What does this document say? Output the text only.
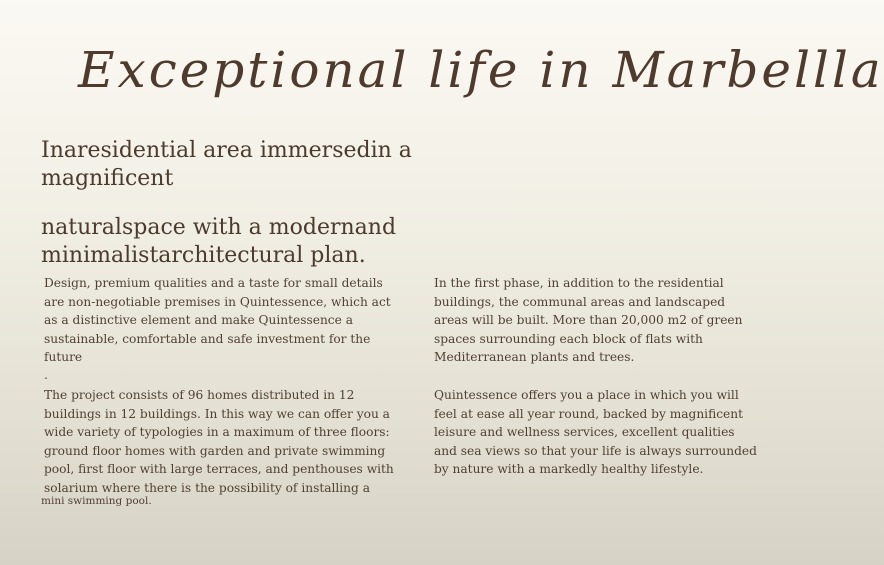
Exceptional life in Marbellla
Inaresidential area immersedin a magnificent
naturalspace with a modernand minimalistarchitectural plan.

Design, premium qualities and a taste for small details are non-negotiable premises in Quintessence, which act as a distinctive element and make Quintessence a sustainable, comfortable and safe investment for the future

.

The project consists of 96 homes distributed in 12 buildings in 12 buildings. In this way we can offer you a wide variety of typologies in a maximum of three floors: ground floor homes with garden and private swimming pool, first floor with large terraces, and penthouses with solarium where there is the possibility of installing a

mini swimming pool.

In the first phase, in addition to the residential buildings, the communal areas and landscaped areas will be built. More than 20,000 m2 of green spaces surrounding each block of flats with Mediterranean plants and trees.

Quintessence offers you a place in which you will feel at ease all year round, backed by magnificent leisure and wellness services, excellent qualities and sea views so that your life is always surrounded by nature with a markedly healthy lifestyle.
